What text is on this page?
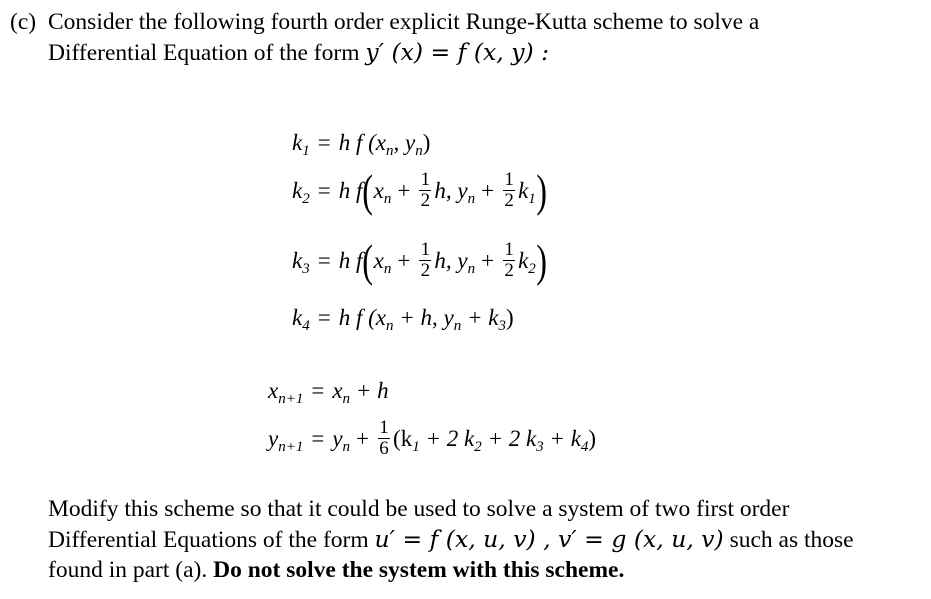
(c) Consider the following fourth order explicit Runge-Kutta scheme to solve a
Differential Equation of the form y′ (x) = f (x, y) :
$k_1 = h$ f ($x_n$, $y_n$)
$k_2 = h$ f ( $x_n + \frac{1}{2} h$, $y_n + \frac{1}{2} k_1$ )
$k_3 = h$ f ( $x_n + \frac{1}{2} h$, $y_n + \frac{1}{2} k_2$ )
$k_4 = h$ f ($x_n + h$, $y_n + k_3$)
$x_{n+1} = x_n + h$
$y_{n+1} = y_n + \frac{1}{6} (k_1 + 2$ $k_2 + 2$ $k_3 + k_4$)
Modify this scheme so that it could be used to solve a system of two first order
Differential Equations of the form u′ = f (x, u, v) , v′ = g (x, u, v) such as those
found in part (a). Do not solve the system with this scheme.
